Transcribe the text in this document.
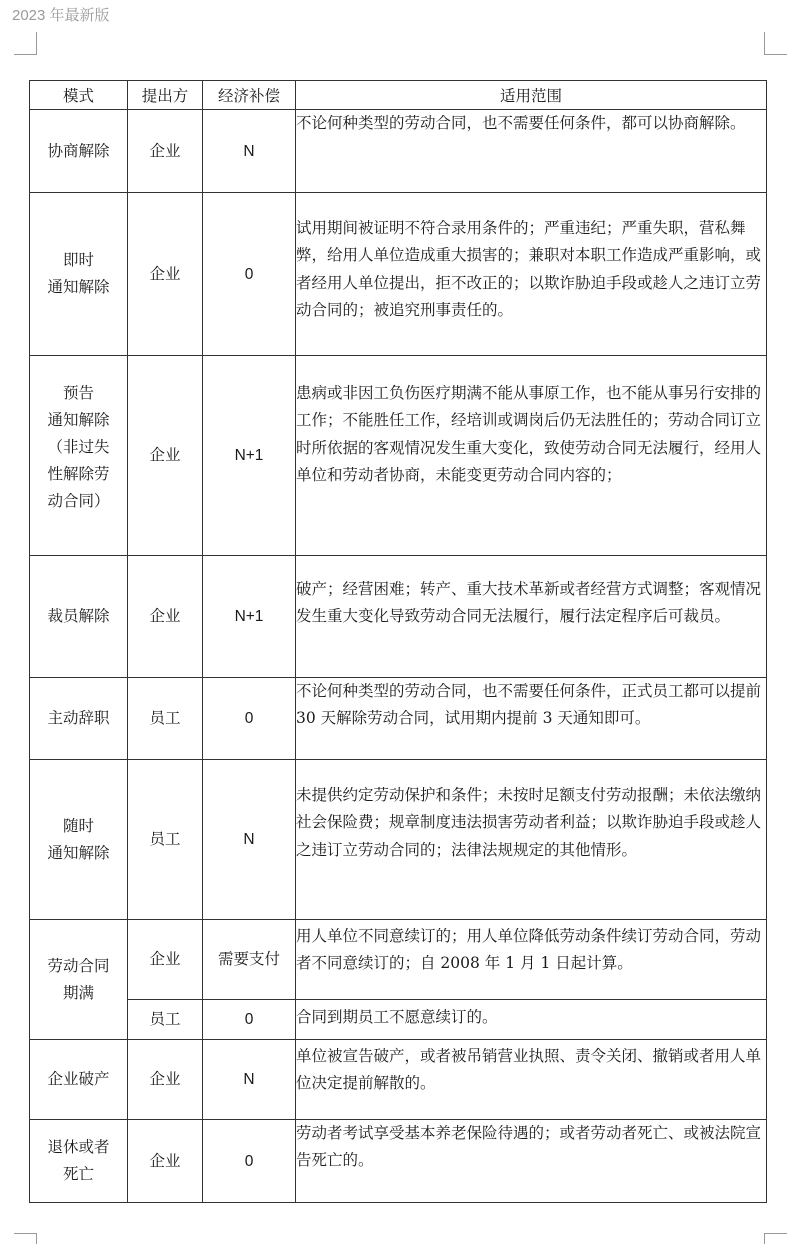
2023 年最新版
模式	提出方	经济补偿	适用范围

协商解除	企业	N	不论何种类型的劳动合同，也不需要任何条件，都可以协商解除。

即时
通知解除	企业	0	试用期间被证明不符合录用条件的；严重违纪；严重失职，营私舞弊，给用人单位造成重大损害的；兼职对本职工作造成严重影响，或者经用人单位提出，拒不改正的；以欺诈胁迫手段或趁人之违订立劳动合同的；被追究刑事责任的。

预告
通知解除
（非过失
性解除劳
动合同）	企业	N+1	患病或非因工负伤医疗期满不能从事原工作，也不能从事另行安排的工作；不能胜任工作，经培训或调岗后仍无法胜任的；劳动合同订立时所依据的客观情况发生重大变化，致使劳动合同无法履行，经用人单位和劳动者协商，未能变更劳动合同内容的；

裁员解除	企业	N+1	破产；经营困难；转产、重大技术革新或者经营方式调整；客观情况发生重大变化导致劳动合同无法履行，履行法定程序后可裁员。

主动辞职	员工	0	不论何种类型的劳动合同，也不需要任何条件，正式员工都可以提前 30 天解除劳动合同，试用期内提前 3 天通知即可。

随时
通知解除	员工	N	未提供约定劳动保护和条件；未按时足额支付劳动报酬；未依法缴纳社会保险费；规章制度违法损害劳动者利益；以欺诈胁迫手段或趁人之违订立劳动合同的；法律法规规定的其他情形。

劳动合同
期满	企业	需要支付	用人单位不同意续订的；用人单位降低劳动条件续订劳动合同，劳动者不同意续订的；自 2008 年 1 月 1 日起计算。
	员工	0	合同到期员工不愿意续订的。

企业破产	企业	N	单位被宣告破产，或者被吊销营业执照、责令关闭、撤销或者用人单位决定提前解散的。

退休或者
死亡	企业	0	劳动者考试享受基本养老保险待遇的；或者劳动者死亡、或被法院宣告死亡的。
